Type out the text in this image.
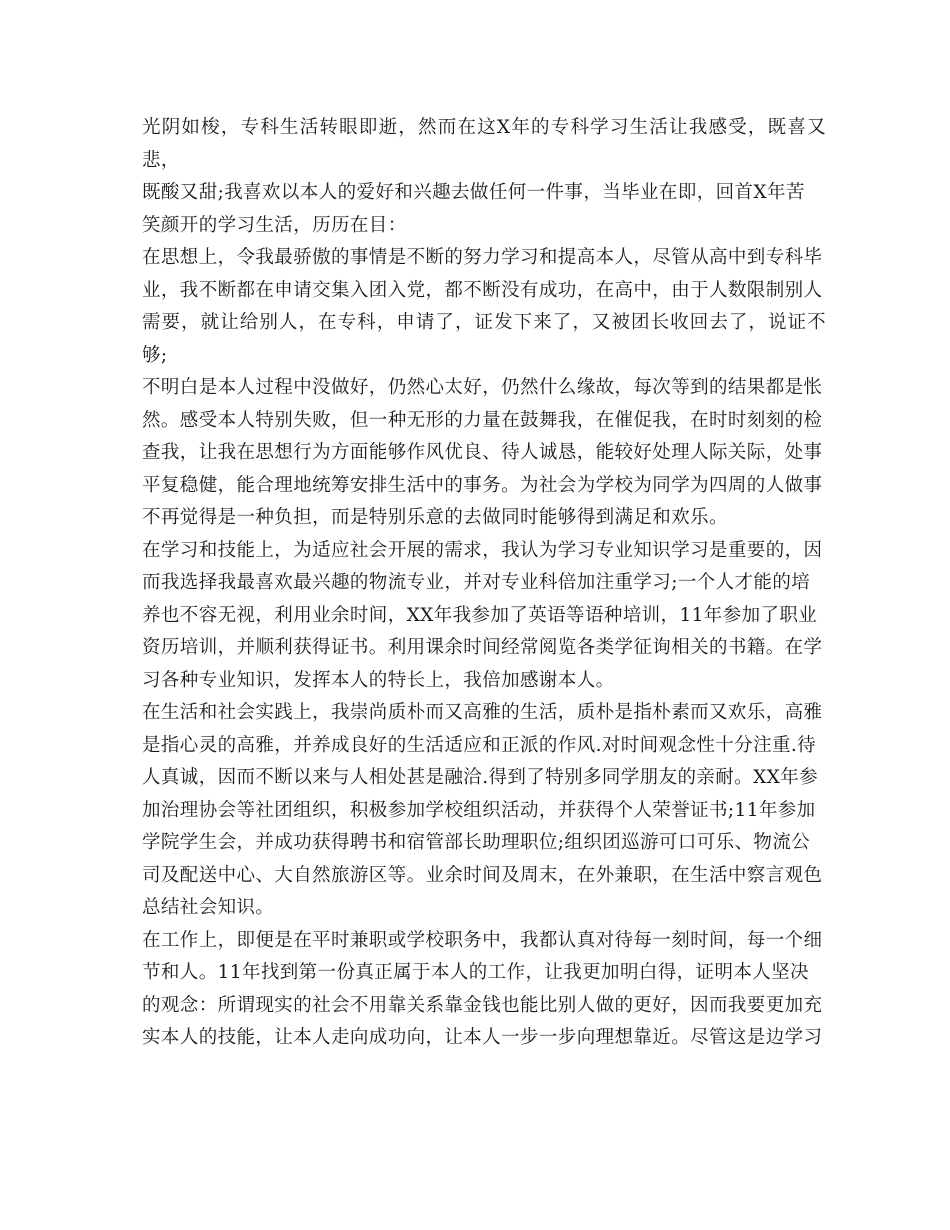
光阴如梭，专科生活转眼即逝，然而在这X年的专科学习生活让我感受，既喜又悲，
既酸又甜;我喜欢以本人的爱好和兴趣去做任何一件事，当毕业在即，回首X年苦
笑颜开的学习生活，历历在目：

在思想上，令我最骄傲的事情是不断的努力学习和提高本人，尽管从高中到专科毕
业，我不断都在申请交集入团入党，都不断没有成功，在高中，由于人数限制别人
需要，就让给别人，在专科，申请了，证发下来了，又被团长收回去了，说证不够;
不明白是本人过程中没做好，仍然心太好，仍然什么缘故，每次等到的结果都是怅
然。感受本人特别失败，但一种无形的力量在鼓舞我，在催促我，在时时刻刻的检
查我，让我在思想行为方面能够作风优良、待人诚恳，能较好处理人际关际，处事
平复稳健，能合理地统筹安排生活中的事务。为社会为学校为同学为四周的人做事
不再觉得是一种负担，而是特别乐意的去做同时能够得到满足和欢乐。

在学习和技能上，为适应社会开展的需求，我认为学习专业知识学习是重要的，因
而我选择我最喜欢最兴趣的物流专业，并对专业科倍加注重学习;一个人才能的培
养也不容无视，利用业余时间，XX年我参加了英语等语种培训，11年参加了职业
资历培训，并顺利获得证书。利用课余时间经常阅览各类学征询相关的书籍。在学
习各种专业知识，发挥本人的特长上，我倍加感谢本人。

在生活和社会实践上，我崇尚质朴而又高雅的生活，质朴是指朴素而又欢乐，高雅
是指心灵的高雅，并养成良好的生活适应和正派的作风.对时间观念性十分注重.待
人真诚，因而不断以来与人相处甚是融洽.得到了特别多同学朋友的亲耐。XX年参
加治理协会等社团组织，积极参加学校组织活动，并获得个人荣誉证书;11年参加
学院学生会，并成功获得聘书和宿管部长助理职位;组织团巡游可口可乐、物流公
司及配送中心、大自然旅游区等。业余时间及周末，在外兼职，在生活中察言观色
总结社会知识。

在工作上，即便是在平时兼职或学校职务中，我都认真对待每一刻时间，每一个细
节和人。11年找到第一份真正属于本人的工作，让我更加明白得，证明本人坚决
的观念：所谓现实的社会不用靠关系靠金钱也能比别人做的更好，因而我要更加充
实本人的技能，让本人走向成功向，让本人一步一步向理想靠近。尽管这是边学习
